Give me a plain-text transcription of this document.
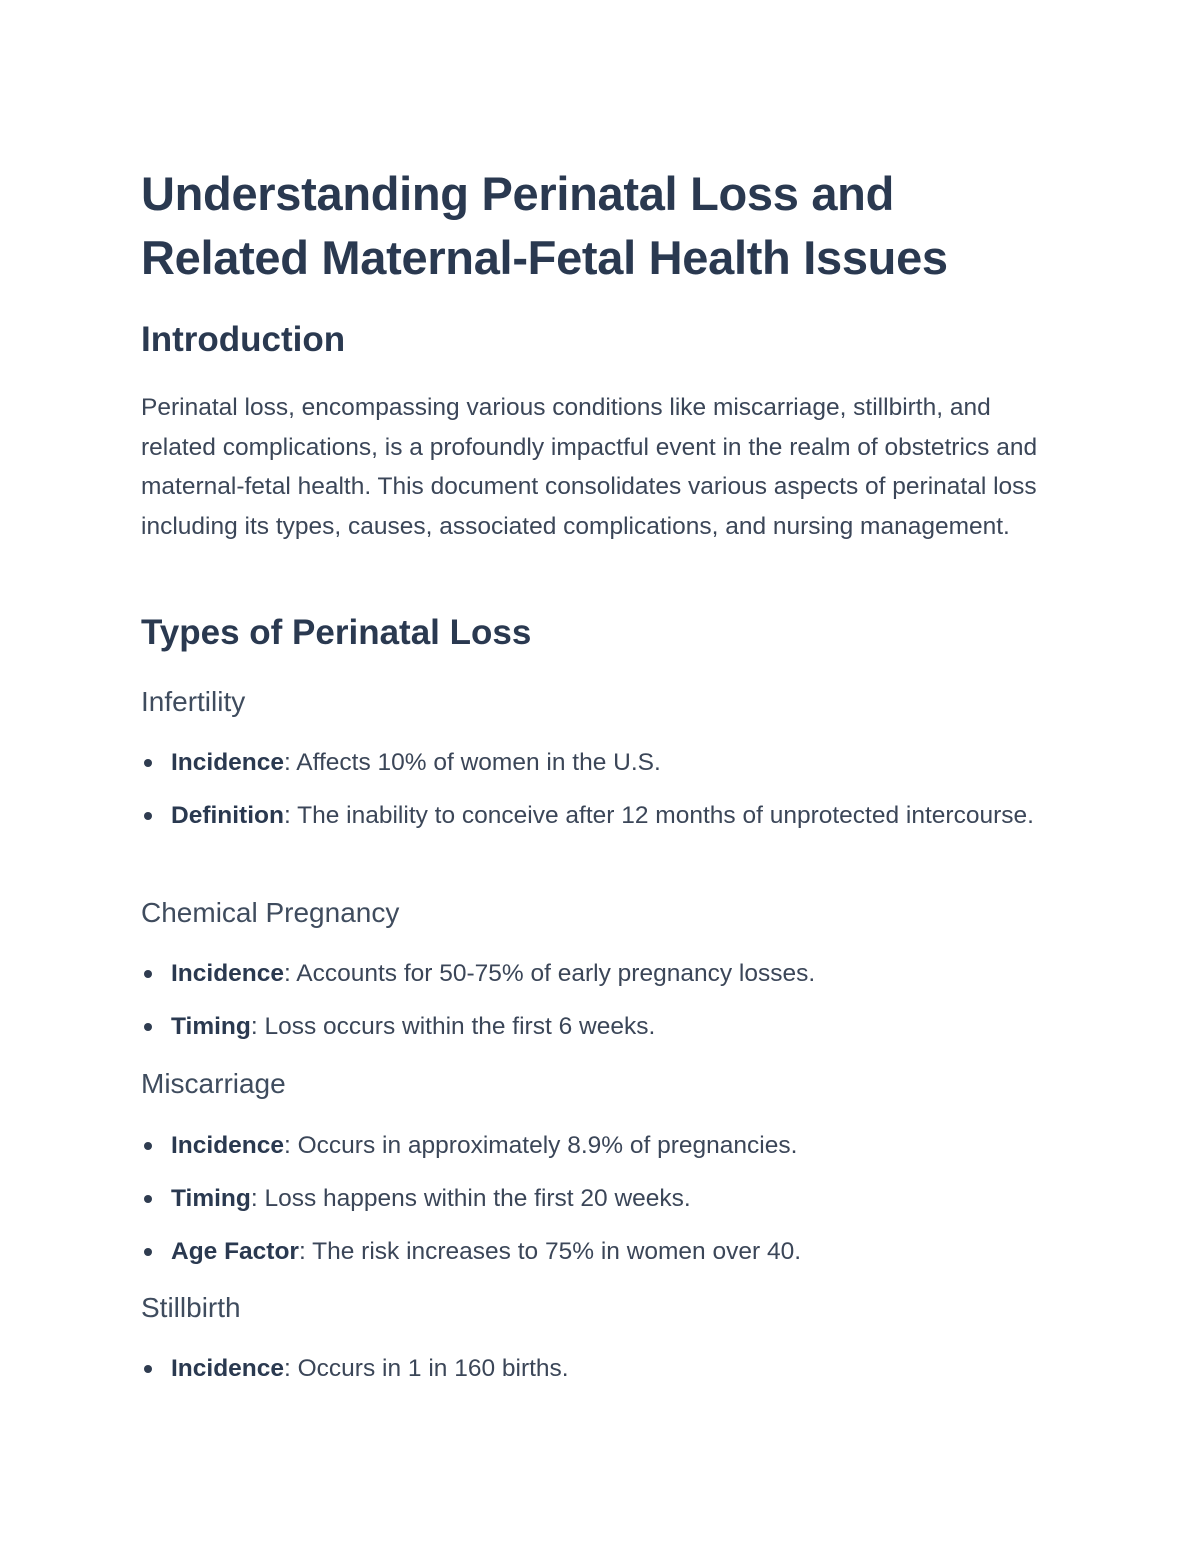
Understanding Perinatal Loss and Related Maternal-Fetal Health Issues
Introduction

Perinatal loss, encompassing various conditions like miscarriage, stillbirth, and related complications, is a profoundly impactful event in the realm of obstetrics and maternal-fetal health. This document consolidates various aspects of perinatal loss including its types, causes, associated complications, and nursing management.

Types of Perinatal Loss
Infertility
Incidence: Affects 10% of women in the U.S.
Definition: The inability to conceive after 12 months of unprotected intercourse.
Chemical Pregnancy
Incidence: Accounts for 50-75% of early pregnancy losses.
Timing: Loss occurs within the first 6 weeks.
Miscarriage
Incidence: Occurs in approximately 8.9% of pregnancies.
Timing: Loss happens within the first 20 weeks.
Age Factor: The risk increases to 75% in women over 40.
Stillbirth
Incidence: Occurs in 1 in 160 births.
